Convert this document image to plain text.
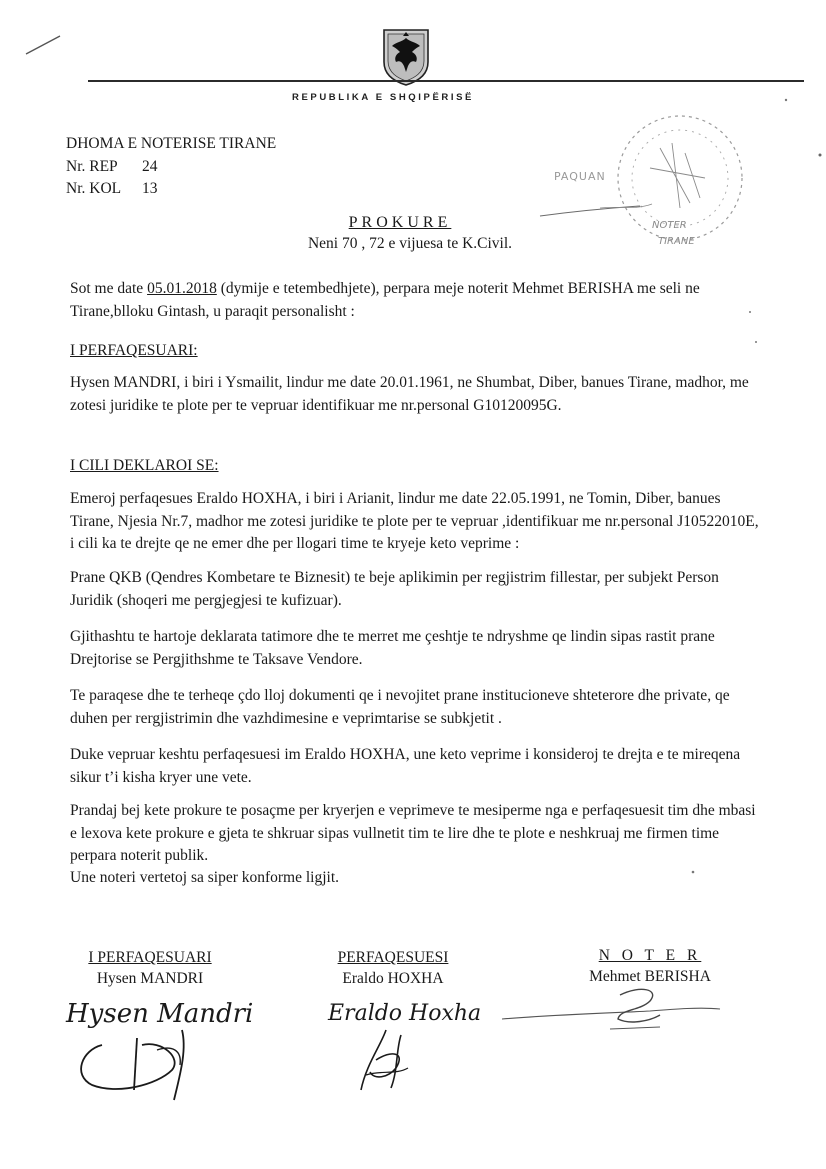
REPUBLIKA E SHQIPËRISË
PAQUAN
NOTER
TIRANE
DHOMA E NOTERISE TIRANE
Nr. REP 24
Nr. KOL 13
PROKURE
Neni 70 , 72 e vijuesa te K.Civil.
Sot me date 05.01.2018 (dymije e tetembedhjete), perpara meje noterit Mehmet BERISHA me seli ne Tirane,blloku Gintash, u paraqit personalisht :
I PERFAQESUARI:
Hysen MANDRI, i biri i Ysmailit, lindur me date 20.01.1961, ne Shumbat, Diber, banues Tirane, madhor, me zotesi juridike te plote per te vepruar identifikuar me nr.personal G10120095G.
I CILI DEKLAROI SE:
Emeroj perfaqesues Eraldo HOXHA, i biri i Arianit, lindur me date 22.05.1991, ne Tomin, Diber, banues Tirane, Njesia Nr.7, madhor me zotesi juridike te plote per te vepruar ,identifikuar me nr.personal J10522010E, i cili ka te drejte qe ne emer dhe per llogari time te kryeje keto veprime :
Prane QKB (Qendres Kombetare te Biznesit) te beje aplikimin per regjistrim fillestar, per subjekt Person Juridik (shoqeri me pergjegjesi te kufizuar).
Gjithashtu te hartoje deklarata tatimore dhe te merret me çeshtje te ndryshme qe lindin sipas rastit prane Drejtorise se Pergjithshme te Taksave Vendore.
Te paraqese dhe te terheqe çdo lloj dokumenti qe i nevojitet prane institucioneve shteterore dhe private, qe duhen per rergjistrimin dhe vazhdimesine e veprimtarise se subkjetit .
Duke vepruar keshtu perfaqesuesi im Eraldo HOXHA, une keto veprime i konsideroj te drejta e te mireqena sikur t’i kisha kryer une vete.
Prandaj bej kete prokure te posaçme per kryerjen e veprimeve te mesiperme nga e perfaqesuesit tim dhe mbasi e lexova kete prokure e gjeta te shkruar sipas vullnetit tim te lire dhe te plote e neshkruaj me firmen time perpara noterit publik.
Une noteri vertetoj sa siper konforme ligjit.
I PERFAQESUARI
Hysen MANDRI
Hysen Mandri
PERFAQESUESI
Eraldo HOXHA
Eraldo Hoxha
N O T E R
Mehmet BERISHA
